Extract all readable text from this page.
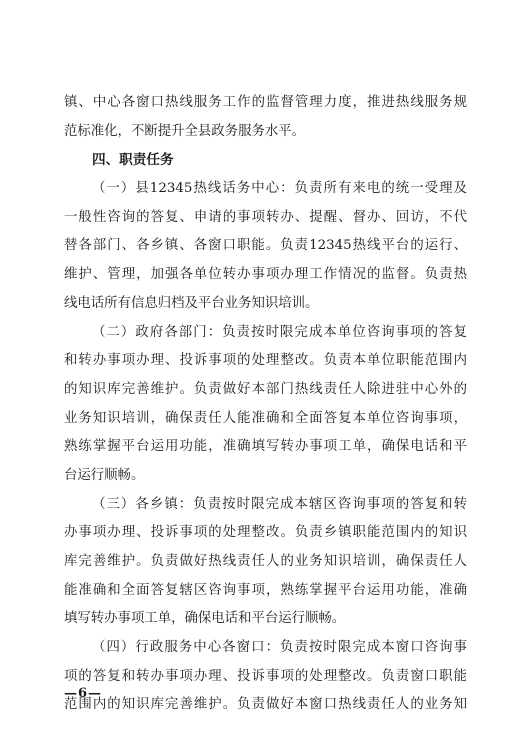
镇、中心各窗口热线服务工作的监督管理力度，推进热线服务规
范标准化，不断提升全县政务服务水平。
四、职责任务
（一）县12345热线话务中心：负责所有来电的统一受理及
一般性咨询的答复、申请的事项转办、提醒、督办、回访，不代
替各部门、各乡镇、各窗口职能。负责12345热线平台的运行、
维护、管理，加强各单位转办事项办理工作情况的监督。负责热
线电话所有信息归档及平台业务知识培训。
（二）政府各部门：负责按时限完成本单位咨询事项的答复
和转办事项办理、投诉事项的处理整改。负责本单位职能范围内
的知识库完善维护。负责做好本部门热线责任人除进驻中心外的
业务知识培训，确保责任人能准确和全面答复本单位咨询事项，
熟练掌握平台运用功能，准确填写转办事项工单，确保电话和平
台运行顺畅。
（三）各乡镇：负责按时限完成本辖区咨询事项的答复和转
办事项办理、投诉事项的处理整改。负责乡镇职能范围内的知识
库完善维护。负责做好热线责任人的业务知识培训，确保责任人
能准确和全面答复辖区咨询事项，熟练掌握平台运用功能，准确
填写转办事项工单，确保电话和平台运行顺畅。
（四）行政服务中心各窗口：负责按时限完成本窗口咨询事
项的答复和转办事项办理、投诉事项的处理整改。负责窗口职能
范围内的知识库完善维护。负责做好本窗口热线责任人的业务知
—6—
